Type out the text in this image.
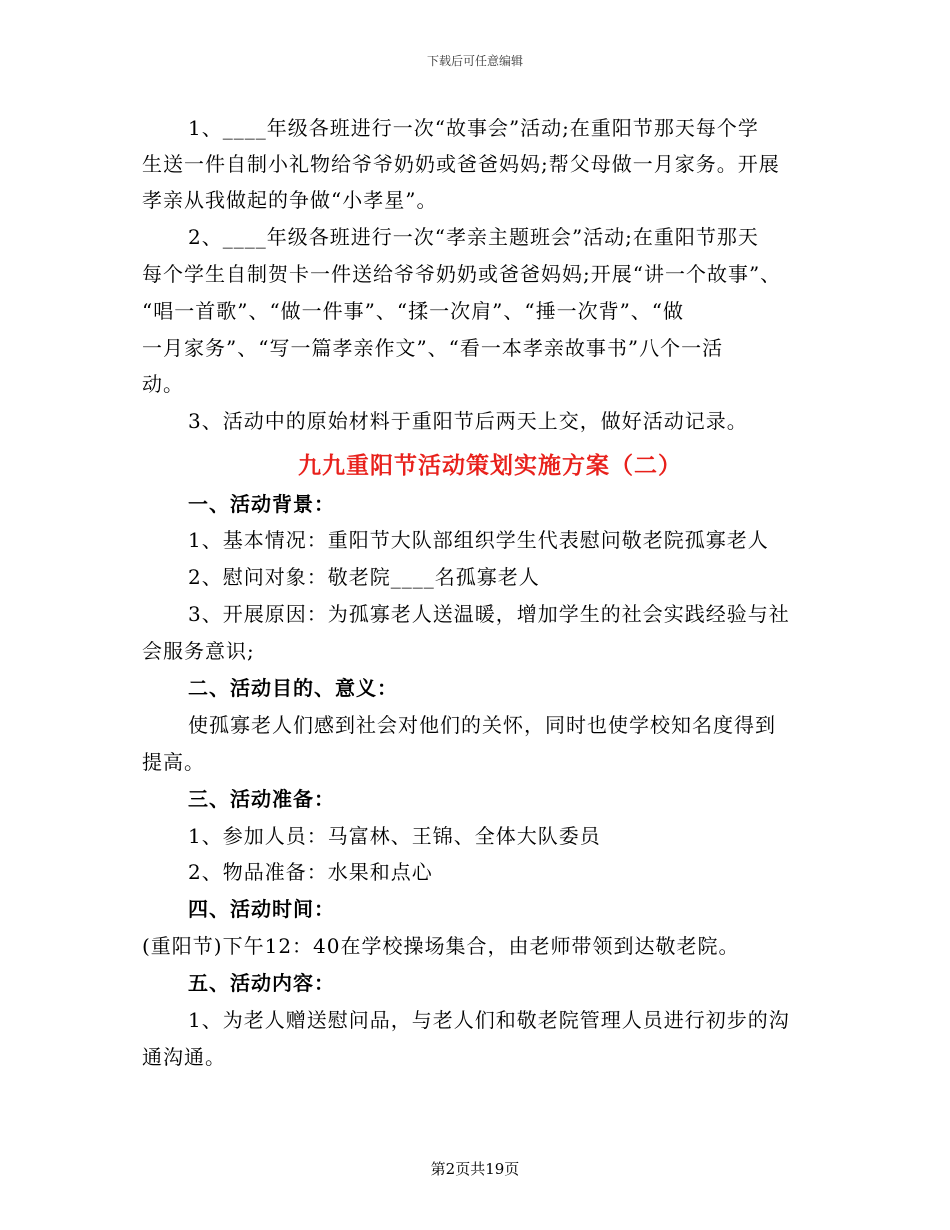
下载后可任意编辑
1、____年级各班进行一次“故事会”活动;在重阳节那天每个学
生送一件自制小礼物给爷爷奶奶或爸爸妈妈;帮父母做一月家务。开展
孝亲从我做起的争做“小孝星”。
2、____年级各班进行一次“孝亲主题班会”活动;在重阳节那天
每个学生自制贺卡一件送给爷爷奶奶或爸爸妈妈;开展“讲一个故事”、
“唱一首歌”、“做一件事”、“揉一次肩”、“捶一次背”、“做
一月家务”、“写一篇孝亲作文”、“看一本孝亲故事书”八个一活
动。
3、活动中的原始材料于重阳节后两天上交，做好活动记录。
九九重阳节活动策划实施方案（二）
一、活动背景：
1、基本情况：重阳节大队部组织学生代表慰问敬老院孤寡老人
2、慰问对象：敬老院____名孤寡老人
3、开展原因：为孤寡老人送温暖，增加学生的社会实践经验与社
会服务意识;
二、活动目的、意义：
使孤寡老人们感到社会对他们的关怀，同时也使学校知名度得到
提高。
三、活动准备：
1、参加人员：马富林、王锦、全体大队委员
2、物品准备：水果和点心
四、活动时间：
(重阳节)下午12：40在学校操场集合，由老师带领到达敬老院。
五、活动内容：
1、为老人赠送慰问品，与老人们和敬老院管理人员进行初步的沟
通沟通。
第2页共19页
